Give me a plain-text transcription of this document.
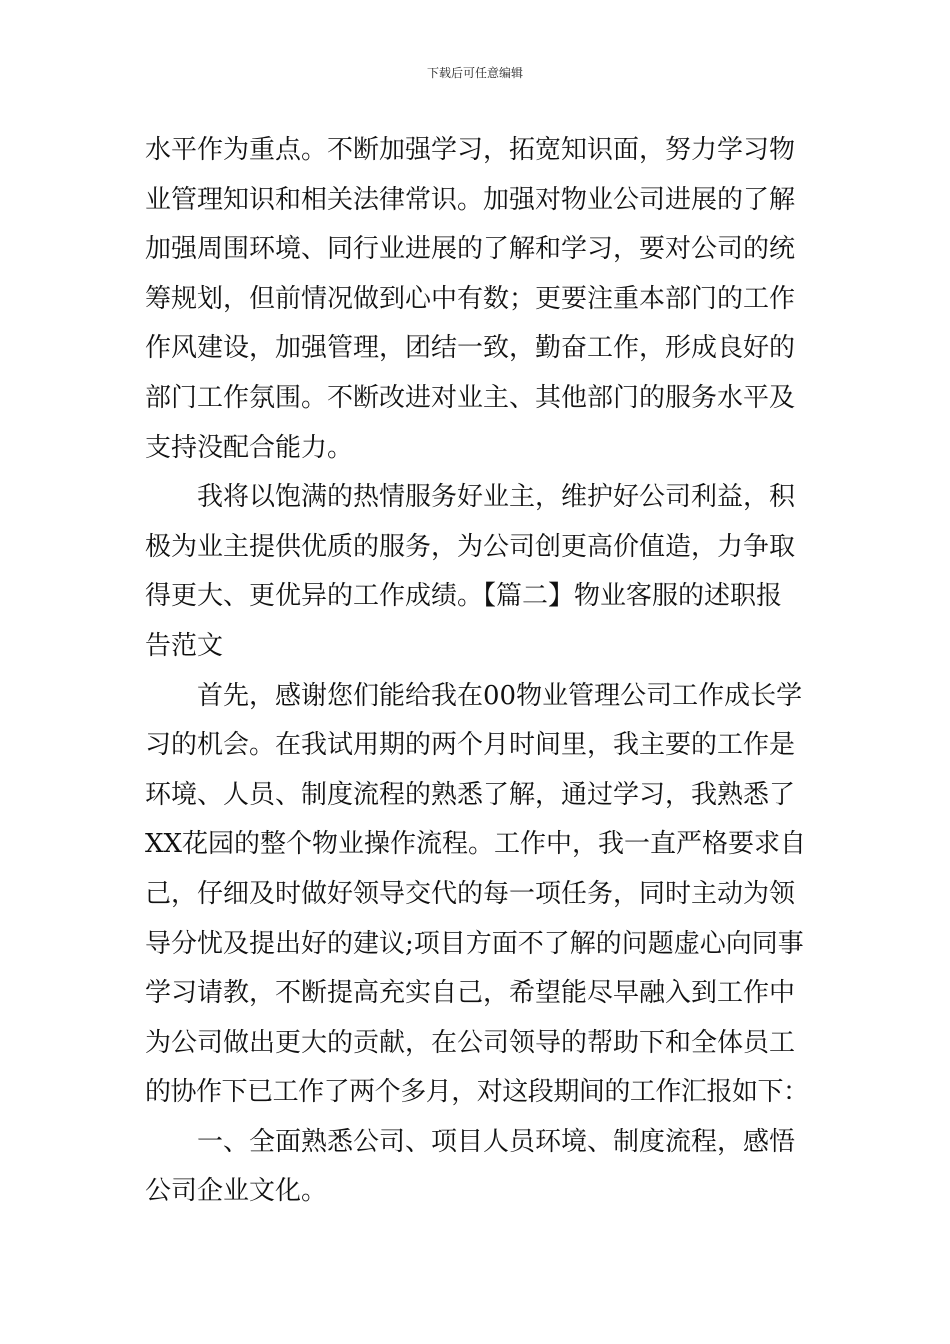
下载后可任意编辑
水平作为重点。不断加强学习，拓宽知识面，努力学习物
业管理知识和相关法律常识。加强对物业公司进展的了解
加强周围环境、同行业进展的了解和学习，要对公司的统
筹规划，但前情况做到心中有数；更要注重本部门的工作
作风建设，加强管理，团结一致，勤奋工作，形成良好的
部门工作氛围。不断改进对业主、其他部门的服务水平及
支持没配合能力。
我将以饱满的热情服务好业主，维护好公司利益，积
极为业主提供优质的服务，为公司创更高价值造，力争取
得更大、更优异的工作成绩。【篇二】物业客服的述职报
告范文
首先，感谢您们能给我在00物业管理公司工作成长学
习的机会。在我试用期的两个月时间里，我主要的工作是
环境、人员、制度流程的熟悉了解，通过学习，我熟悉了
XX花园的整个物业操作流程。工作中，我一直严格要求自
己，仔细及时做好领导交代的每一项任务，同时主动为领
导分忧及提出好的建议;项目方面不了解的问题虚心向同事
学习请教，不断提高充实自己，希望能尽早融入到工作中
为公司做出更大的贡献，在公司领导的帮助下和全体员工
的协作下已工作了两个多月，对这段期间的工作汇报如下：
一、全面熟悉公司、项目人员环境、制度流程，感悟
公司企业文化。
